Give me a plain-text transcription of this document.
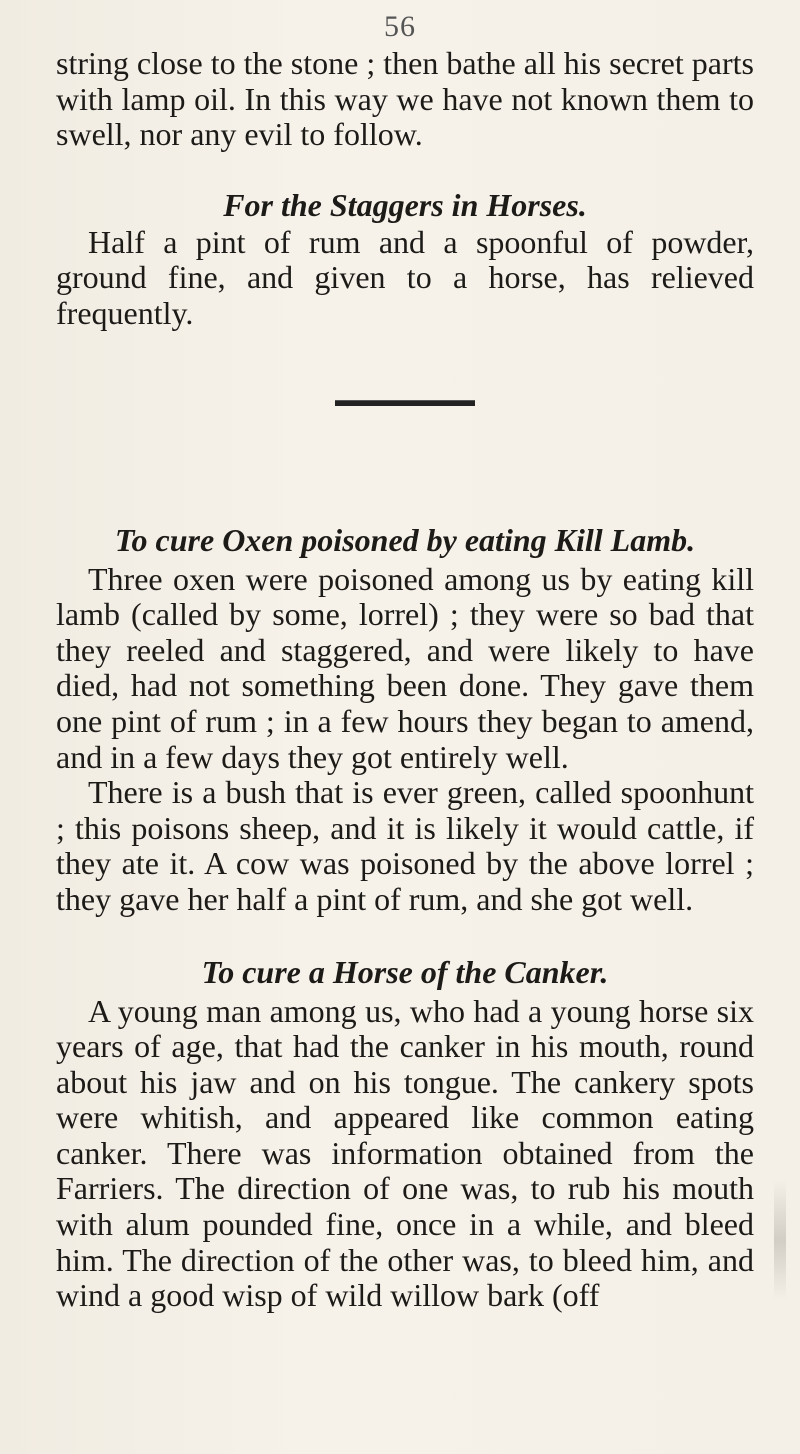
56

string close to the stone ; then bathe all his secret parts with lamp oil. In this way we have not known them to swell, nor any evil to follow.

For the Staggers in Horses.

Half a pint of rum and a spoonful of powder, ground fine, and given to a horse, has relieved frequently.

To cure Oxen poisoned by eating Kill Lamb.

Three oxen were poisoned among us by eating kill lamb (called by some, lorrel) ; they were so bad that they reeled and staggered, and were likely to have died, had not something been done. They gave them one pint of rum ; in a few hours they began to amend, and in a few days they got entirely well.

There is a bush that is ever green, called spoonhunt ; this poisons sheep, and it is likely it would cattle, if they ate it. A cow was poisoned by the above lorrel ; they gave her half a pint of rum, and she got well.

To cure a Horse of the Canker.

A young man among us, who had a young horse six years of age, that had the canker in his mouth, round about his jaw and on his tongue. The cankery spots were whitish, and appeared like common eating canker. There was information obtained from the Farriers. The direction of one was, to rub his mouth with alum pounded fine, once in a while, and bleed him. The direction of the other was, to bleed him, and wind a good wisp of wild willow bark (off
